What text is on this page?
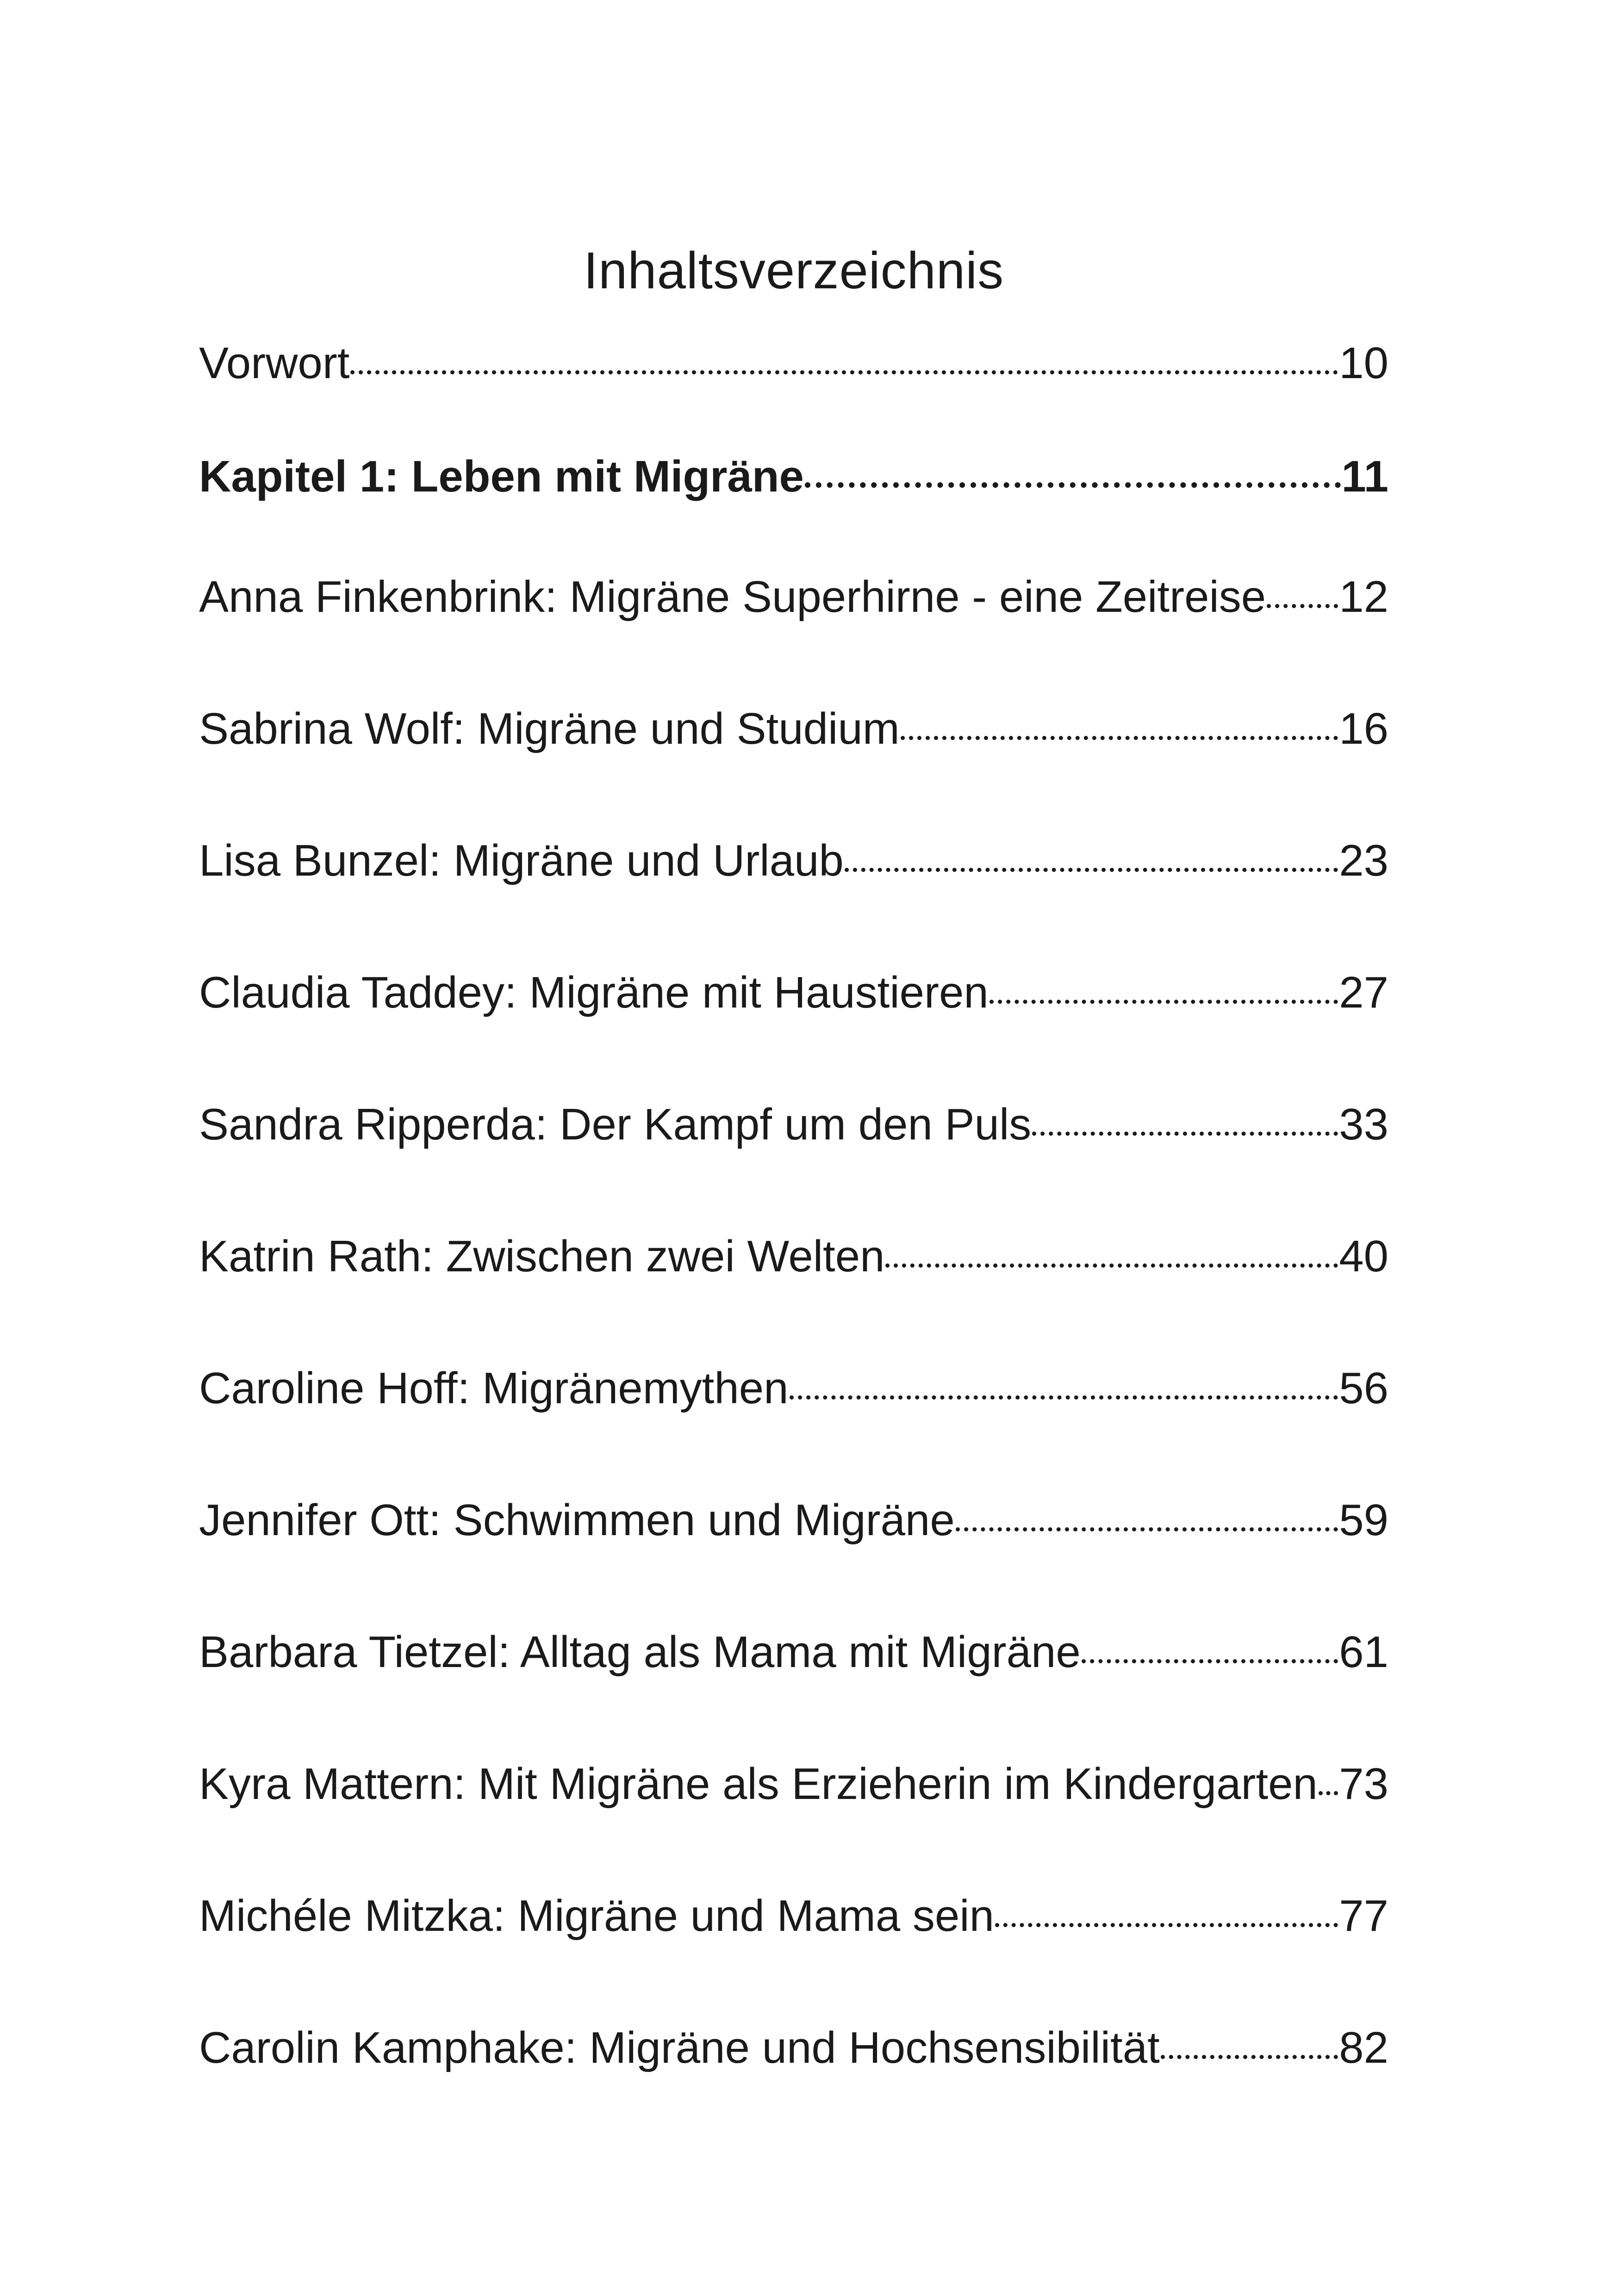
Inhaltsverzeichnis
Vorwort	10
Kapitel 1: Leben mit Migräne	11
Anna Finkenbrink: Migräne Superhirne - eine Zeitreise 12
Sabrina Wolf: Migräne und Studium	16
Lisa Bunzel: Migräne und Urlaub	23
Claudia Taddey: Migräne mit Haustieren	27
Sandra Ripperda: Der Kampf um den Puls	33
Katrin Rath: Zwischen zwei Welten	40
Caroline Hoff: Migränemythen	56
Jennifer Ott: Schwimmen und Migräne	59
Barbara Tietzel: Alltag als Mama mit Migräne	61
Kyra Mattern: Mit Migräne als Erzieherin im Kindergarten 73
Michéle Mitzka: Migräne und Mama sein	77
Carolin Kamphake: Migräne und Hochsensibilität	82
